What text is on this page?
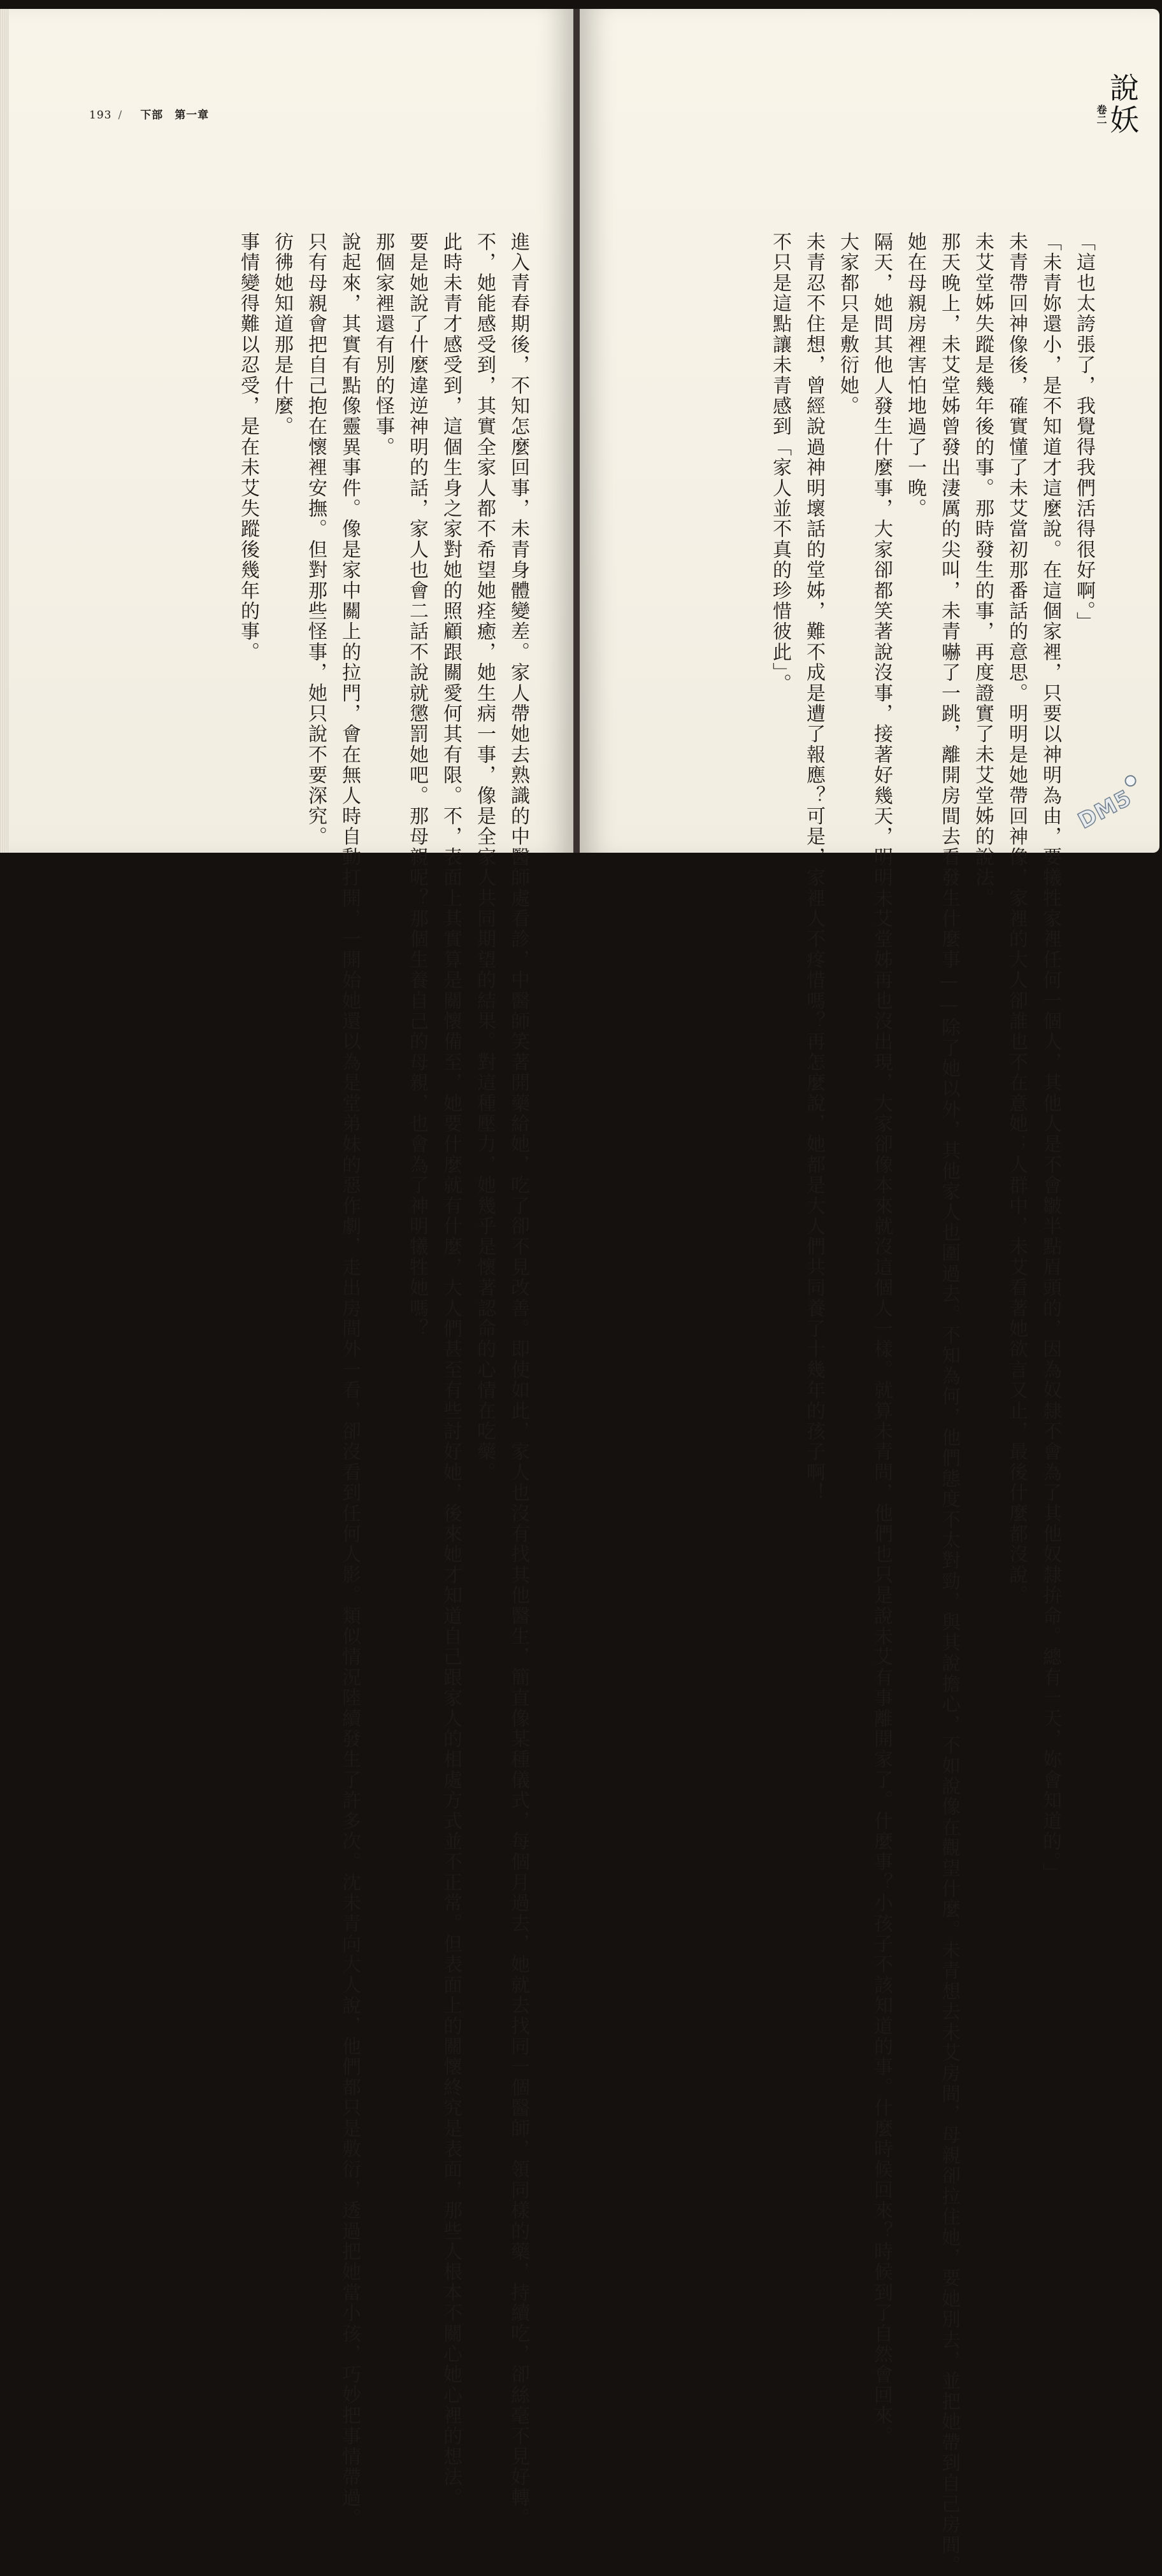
193 / 下部 第一章

進入青春期後，不知怎麼回事，未青身體變差。家人帶她去熟識的中醫師處看診，中醫師笑著開藥給她，吃了卻不見改善。即使如此，家人也沒有找其他醫生，簡直像某種儀式，每個月過去，她就去找同一個醫師，領同樣的藥，持續吃，卻絲毫不見好轉。

不，她能感受到，其實全家人都不希望她痊癒，她生病一事，像是全家人共同期望的結果。對這種壓力，她幾乎是懷著認命的心情在吃藥。

此時未青才感受到，這個生身之家對她的照顧跟關愛何其有限。不，表面上其實算是關懷備至，她要什麼就有什麼，大人們甚至有些討好她，後來她才知道自己跟家人的相處方式並不正常。但表面上的關懷終究是表面，那些人根本不關心她心裡的想法。

要是她說了什麼違逆神明的話，家人也會二話不說就懲罰她吧。那母親呢？那個生養自己的母親，也會為了神明犧牲她嗎？

那個家裡還有別的怪事。

說起來，其實有點像靈異事件。像是家中關上的拉門，會在無人時自動打開，一開始她還以為是堂弟妹的惡作劇，走出房間外一看，卻沒看到任何人影。類似情況陸續發生了許多次。沈未青向大人說，他們都只是敷衍，透過把她當小孩，巧妙把事情帶過。

只有母親會把自己抱在懷裡安撫。但對那些怪事，她只說不要深究。

彷彿她知道那是什麼。

事情變得難以忍受，是在未艾失蹤後幾年的事。	「這也太誇張了，我覺得我們活得很好啊。」

「未青妳還小，是不知道才這麼說。在這個家裡，只要以神明為由，要犧牲家裡任何一個人，其他人是不會皺半點眉頭的，因為奴隸不會為了其他奴隸拚命。總有一天，妳會知道的。」

未青帶回神像後，確實懂了未艾當初那番話的意思。明明是她帶回神像，家裡的大人卻誰也不在意她；人群中，未艾看著她欲言又止，最後什麼都沒說。

未艾堂姊失蹤是幾年後的事。那時發生的事，再度證實了未艾堂姊的說法。

那天晚上，未艾堂姊曾發出淒厲的尖叫，未青嚇了一跳，離開房間去看發生什麼事——除了她以外，其他家人也圍過去。不知為何，他們態度不太對勁，與其說擔心，不如說像在觀望什麼。未青想去未艾房間，母親卻拉住她，要她別去，並把她帶到自己房間。

她在母親房裡害怕地過了一晚。

隔天，她問其他人發生什麼事，大家卻都笑著說沒事，接著好幾天，明明未艾堂姊再也沒出現，大家卻像本來就沒這個人一樣。就算未青問，他們也只是說未艾有事離開家了。什麼事？小孩子不該知道的事。什麼時候回來？時候到了自然會回來。

大家都只是敷衍她。

未青忍不住想，曾經說過神明壞話的堂姊，難不成是遭了報應？可是，家裡人不疼惜嗎？再怎麼說，她都是大人們共同養了十幾年的孩子啊！

不只是這點讓未青感到「家人並不真的珍惜彼此」。

說妖
卷二
DM5
